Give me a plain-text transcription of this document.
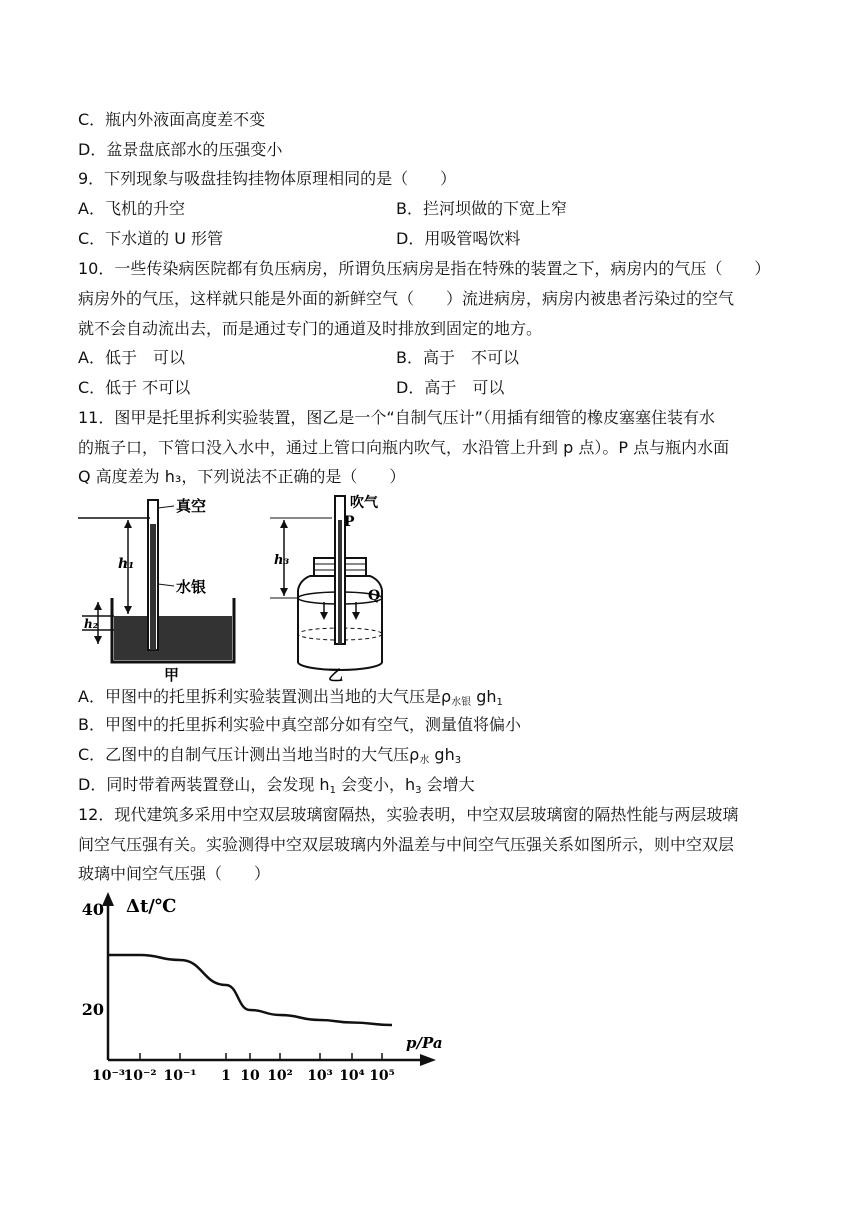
C．瓶内外液面高度差不变
D．盆景盘底部水的压强变小
9．下列现象与吸盘挂钩挂物体原理相同的是（　　）
A．飞机的升空	B．拦河坝做的下宽上窄
C．下水道的 U 形管	D．用吸管喝饮料
10．一些传染病医院都有负压病房，所谓负压病房是指在特殊的装置之下，病房内的气压（　　）
病房外的气压，这样就只能是外面的新鲜空气（　　）流进病房，病房内被患者污染过的空气
就不会自动流出去，而是通过专门的通道及时排放到固定的地方。
A．低于　可以	B．高于　不可以
C．低于 不可以	D．高于　可以
11．图甲是托里拆利实验装置，图乙是一个“自制气压计”（用插有细管的橡皮塞塞住装有水
的瓶子口，下管口没入水中，通过上管口向瓶内吹气，水沿管上升到 p 点）。P 点与瓶内水面
Q 高度差为 h₃，下列说法不正确的是（　　）
真空
水银
h₁
h₂
甲
吹气
P
h₃
Q
乙
A．甲图中的托里拆利实验装置测出当地的大气压是$\rho_{水银}$ $gh_1$
B．甲图中的托里拆利实验中真空部分如有空气，测量值将偏小
C．乙图中的自制气压计测出当地当时的大气压$\rho_水$ $gh_3$
D．同时带着两装置登山，会发现 $h_1$ 会变小，$h_3$ 会增大
12．现代建筑多采用中空双层玻璃窗隔热，实验表明，中空双层玻璃窗的隔热性能与两层玻璃
间空气压强有关。实验测得中空双层玻璃内外温差与中间空气压强关系如图所示，则中空双层
玻璃中间空气压强（　　）
Δt/℃
p/Pa
10⁻³
10⁻² 10⁻¹ 1 10 10² 10³ 10⁴ 10⁵
20
40
